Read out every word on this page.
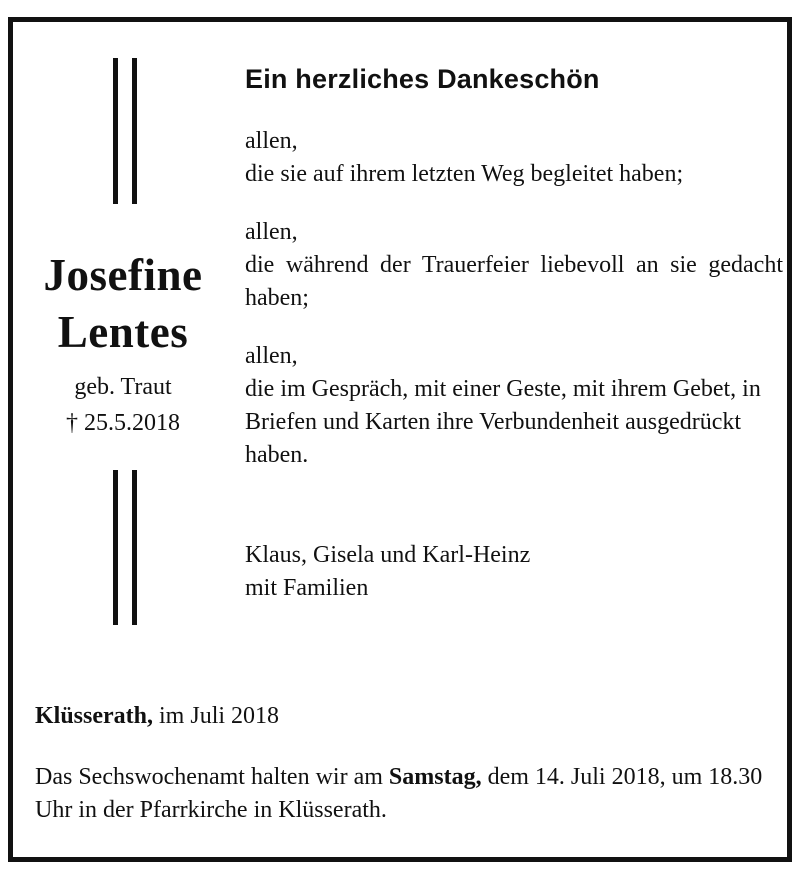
Josefine
Lentes
geb. Traut
† 25.5.2018
Ein herzliches Dankeschön
allen,
die sie auf ihrem letzten Weg begleitet haben;
allen,
die während der Trauerfeier liebevoll an sie gedacht haben;
allen,
die im Gespräch, mit einer Geste, mit ihrem Gebet, in Briefen und Karten ihre Verbundenheit ausgedrückt haben.
Klaus, Gisela und Karl-Heinz
mit Familien
Klüsserath, im Juli 2018
Das Sechswochenamt halten wir am Samstag, dem 14. Juli 2018, um 18.30 Uhr in der Pfarrkirche in Klüsserath.
